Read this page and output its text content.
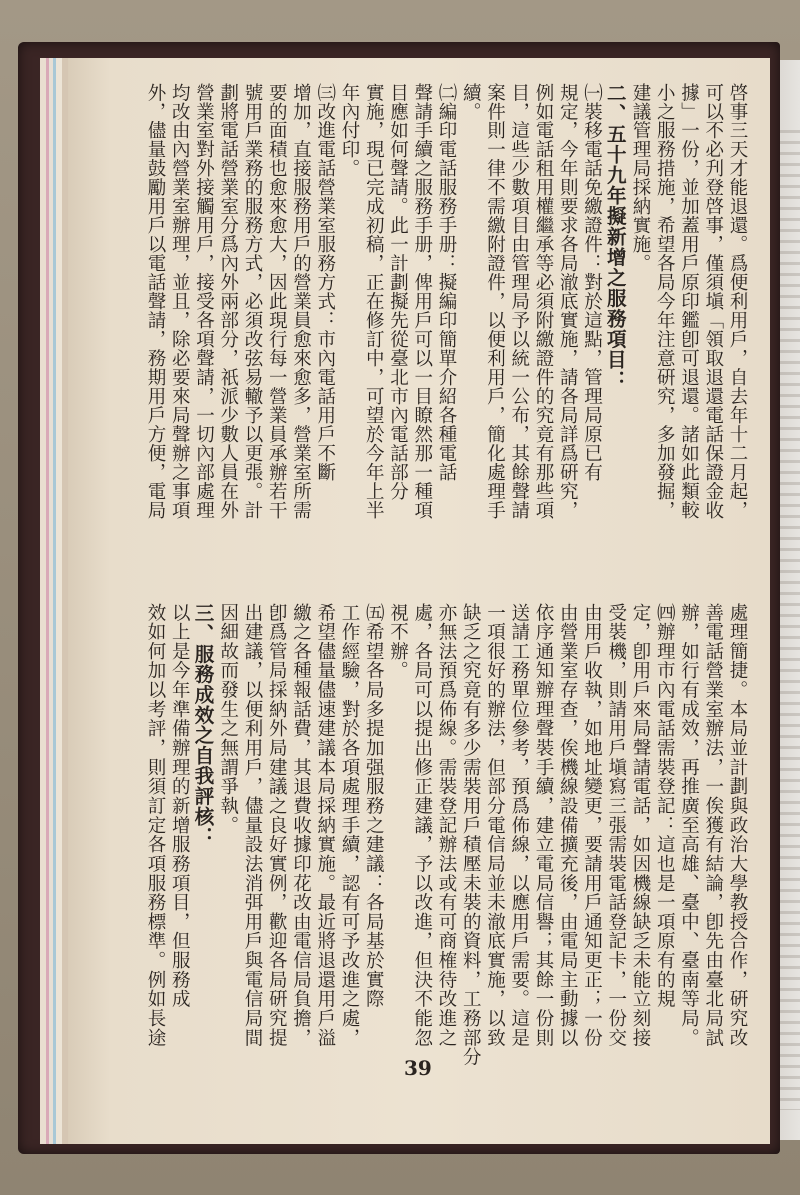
啓事三天才能退還。爲便利用戶，自去年十二月起，
可以不必刋登啓事，僅須塡「領取退還電話保證金收
據」一份，並加蓋用戶原印鑑卽可退還。諸如此類較
小之服務措施，希望各局今年注意硏究，多加發掘，
建議管理局採納實施。
二、五十九年擬新增之服務項目：
㈠裝移電話免繳證件：對於這點，管理局原已有
規定，今年則要求各局澈底實施，請各局詳爲硏究，
例如電話租用權繼承等必須附繳證件的究竟有那些項
目，這些少數項目由管理局予以統一公布，其餘聲請
案件則一律不需繳附證件，以便利用戶，簡化處理手
續。
㈡編印電話服務手册：擬編印簡單介紹各種電話
聲請手續之服務手册，俾用戶可以一目瞭然那一種項
目應如何聲請。此一計劃擬先從臺北市內電話部分
實施，現已完成初稿，正在修訂中，可望於今年上半
年內付印。
㈢改進電話營業室服務方式：市內電話用戶不斷
增加，直接服務用戶的營業員愈來愈多，營業室所需
要的面積也愈來愈大，因此現行每一營業員承辦若干
號用戶業務的服務方式，必須改弦易轍予以更張。計
劃將電話營業室分爲內外兩部分，祇派少數人員在外
營業室對外接觸用戶，接受各項聲請，一切內部處理
均改由內營業室辦理，並且，除必要來局聲辦之事項
外，儘量鼓勵用戶以電話聲請，務期用戶方便，電局
處理簡捷。本局並計劃與政治大學教授合作，硏究改
善電話營業室辦法，一俟獲有結論，卽先由臺北局試
辦，如行有成效，再推廣至高雄、臺中、臺南等局。
㈣辦理市內電話需裝登記：這也是一項原有的規
定，卽用戶來局聲請電話，如因機線缺乏未能立刻接
受裝機，則請用戶塡寫三張需裝電話登記卡，一份交
由用戶收執，如地址變更，要請用戶通知更正；一份
由營業室存查，俟機線設備擴充後，由電局主動據以
依序通知辦理聲裝手續，建立電局信譽；其餘一份則
送請工務單位參考，預爲佈線，以應用戶需要。這是
一項很好的辦法，但部分電信局並未澈底實施，以致
缺乏之究竟有多少需裝用戶積壓未裝的資料，工務部分
亦無法預爲佈線。需裝登記辦法或有可商榷待改進之
處，各局可以提出修正建議，予以改進，但決不能忽
視不辦。
㈤希望各局多提加强服務之建議：各局基於實際
工作經驗，對於各項處理手續，認有可予改進之處，
希望儘量儘速建議本局採納實施。最近將退還用戶溢
繳之各種報話費，其退費收據印花改由電信局負擔，
卽爲管局採納外局建議之良好實例，歡迎各局硏究提
出建議，以便利用戶，儘量設法消弭用戶與電信局間
因細故而發生之無謂爭執。
三、服務成效之自我評核：
以上是今年準備辦理的新增服務項目，但服務成
效如何加以考評，則須訂定各項服務標準。例如長途
39
